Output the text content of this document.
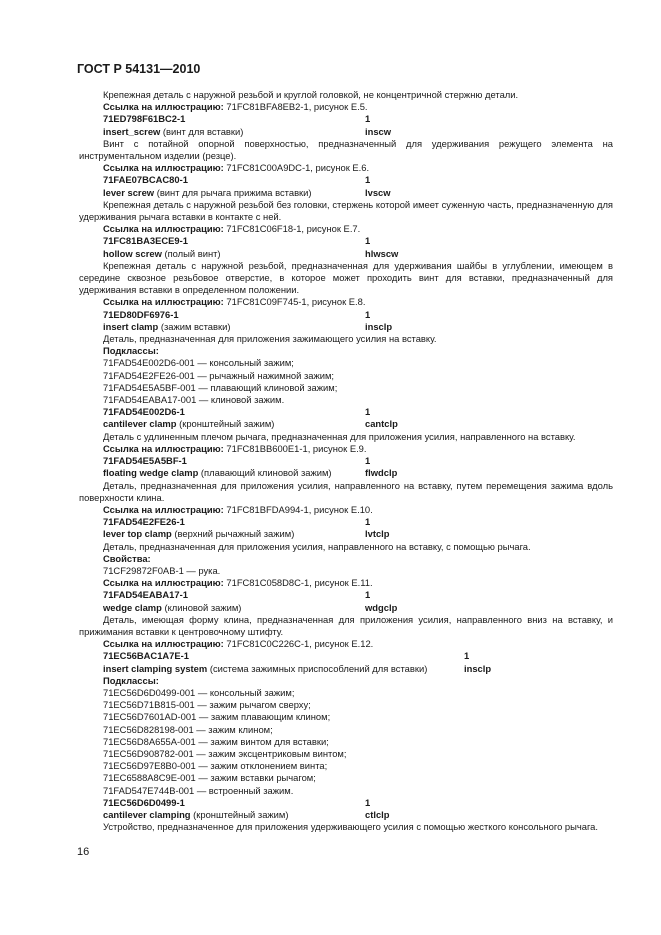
ГОСТ Р 54131—2010
Крепежная деталь с наружной резьбой и круглой головкой, не концентричной стержню детали.
Ссылка на иллюстрацию: 71FC81BFA8EB2-1, рисунок E.5.
71ED798F61BC2-1	1
insert_screw (винт для вставки)	inscw
Винт с потайной опорной поверхностью, предназначенный для удерживания режущего элемента на инструментальном изделии (резце).
Ссылка на иллюстрацию: 71FC81C00A9DC-1, рисунок E.6.
71FAE07BCAC80-1	1
lever screw (винт для рычага прижима вставки)	lvscw
Крепежная деталь с наружной резьбой без головки, стержень которой имеет суженную часть, предназначенную для удерживания рычага вставки в контакте с ней.
Ссылка на иллюстрацию: 71FC81C06F18-1, рисунок E.7.
71FC81BA3ECE9-1	1
hollow screw (полый винт)	hlwscw
Крепежная деталь с наружной резьбой, предназначенная для удерживания шайбы в углублении, имеющем в середине сквозное резьбовое отверстие, в которое может проходить винт для вставки, предназначенный для удерживания вставки в определенном положении.
Ссылка на иллюстрацию: 71FC81C09F745-1, рисунок E.8.
71ED80DF6976-1	1
insert clamp (зажим вставки)	insclp
Деталь, предназначенная для приложения зажимающего усилия на вставку.
Подклассы:
71FAD54E002D6-001 — консольный зажим;
71FAD54E2FE26-001 — рычажный нажимной зажим;
71FAD54E5A5BF-001 — плавающий клиновой зажим;
71FAD54EABA17-001 — клиновой зажим.
71FAD54E002D6-1	1
cantilever clamp (кронштейный зажим)	cantclp
Деталь с удлиненным плечом рычага, предназначенная для приложения усилия, направленного на вставку.
Ссылка на иллюстрацию: 71FC81BB600E1-1, рисунок E.9.
71FAD54E5A5BF-1	1
floating wedge clamp (плавающий клиновой зажим)	flwdclp
Деталь, предназначенная для приложения усилия, направленного на вставку, путем перемещения зажима вдоль поверхности клина.
Ссылка на иллюстрацию: 71FC81BFDA994-1, рисунок E.10.
71FAD54E2FE26-1	1
lever top clamp (верхний рычажный зажим)	lvtclp
Деталь, предназначенная для приложения усилия, направленного на вставку, с помощью рычага.
Свойства:
71CF29872F0AB-1 — рука.
Ссылка на иллюстрацию: 71FC81C058D8C-1, рисунок E.11.
71FAD54EABA17-1	1
wedge clamp (клиновой зажим)	wdgclp
Деталь, имеющая форму клина, предназначенная для приложения усилия, направленного вниз на вставку, и прижимания вставки к центровочному штифту.
Ссылка на иллюстрацию: 71FC81C0C226C-1, рисунок E.12.
71EC56BAC1A7E-1	1
insert clamping system (система зажимных приспособлений для вставки)	insclp
Подклассы:
71EC56D6D0499-001 — консольный зажим;
71EC56D71B815-001 — зажим рычагом сверху;
71EC56D7601AD-001 — зажим плавающим клином;
71EC56D828198-001 — зажим клином;
71EC56D8A655A-001 — зажим винтом для вставки;
71EC56D908782-001 — зажим эксцентриковым винтом;
71EC56D97E8B0-001 — зажим отклонением винта;
71EC6588A8C9E-001 — зажим вставки рычагом;
71FAD547E744B-001 — встроенный зажим.
71EC56D6D0499-1	1
cantilever clamping (кронштейный зажим)	ctlclp
Устройство, предназначенное для приложения удерживающего усилия с помощью жесткого консольного рычага.
16
